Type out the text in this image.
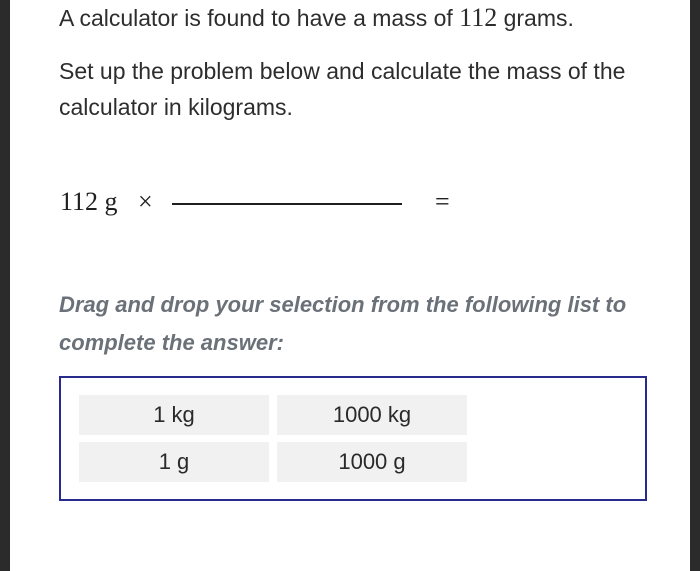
A calculator is found to have a mass of 112 grams.
Set up the problem below and calculate the mass of the calculator in kilograms.
112 g ×	=
Drag and drop your selection from the following list to complete the answer:
1 kg	1000 kg
1 g	1000 g
